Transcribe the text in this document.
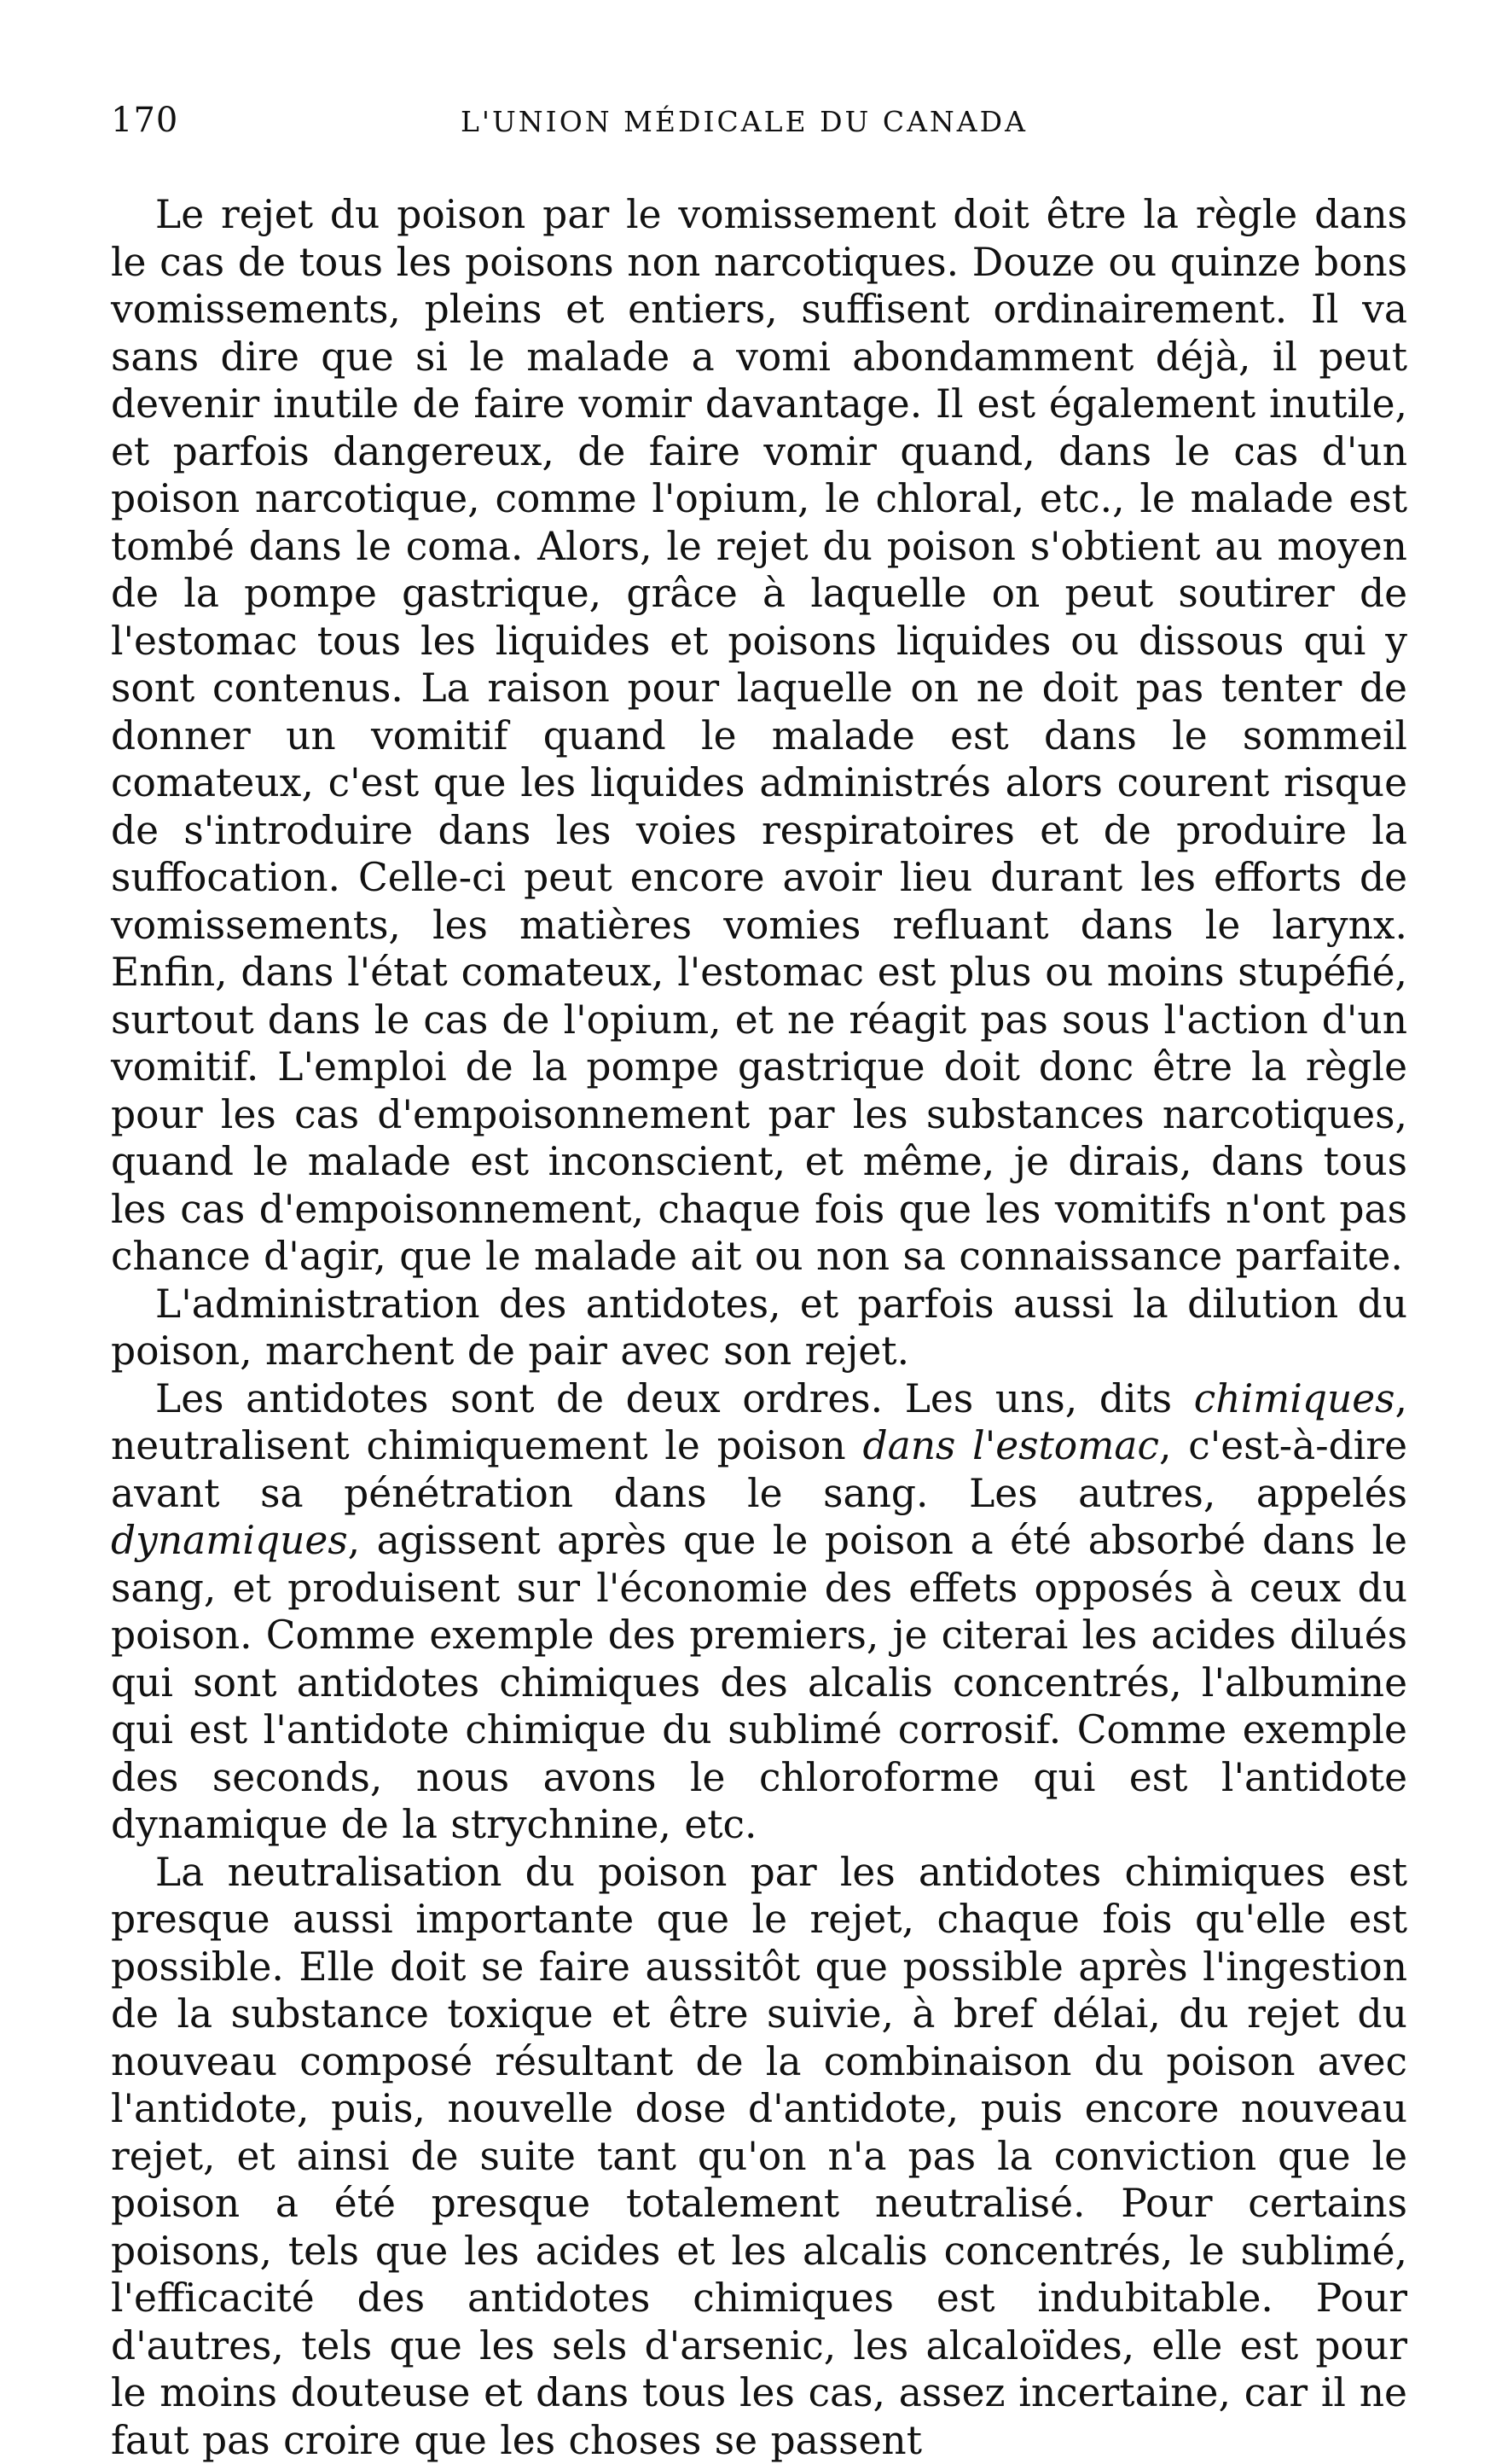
170	L'UNION MÉDICALE DU CANADA

Le rejet du poison par le vomissement doit être la règle dans le cas de tous les poisons non narcotiques. Douze ou quinze bons vomissements, pleins et entiers, suffisent ordinairement. Il va sans dire que si le malade a vomi abondamment déjà, il peut devenir inutile de faire vomir davantage. Il est également inutile, et parfois dangereux, de faire vomir quand, dans le cas d'un poison narcotique, comme l'opium, le chloral, etc., le malade est tombé dans le coma. Alors, le rejet du poison s'obtient au moyen de la pompe gastrique, grâce à laquelle on peut soutirer de l'estomac tous les liquides et poisons liquides ou dissous qui y sont contenus. La raison pour laquelle on ne doit pas tenter de donner un vomitif quand le malade est dans le sommeil comateux, c'est que les liquides administrés alors courent risque de s'introduire dans les voies respiratoires et de produire la suffocation. Celle-ci peut encore avoir lieu durant les efforts de vomissements, les matières vomies refluant dans le larynx. Enfin, dans l'état comateux, l'estomac est plus ou moins stupéfié, surtout dans le cas de l'opium, et ne réagit pas sous l'action d'un vomitif. L'emploi de la pompe gastrique doit donc être la règle pour les cas d'empoisonnement par les substances narcotiques, quand le malade est inconscient, et même, je dirais, dans tous les cas d'empoisonnement, chaque fois que les vomitifs n'ont pas chance d'agir, que le malade ait ou non sa connaissance parfaite.

L'administration des antidotes, et parfois aussi la dilution du poison, marchent de pair avec son rejet.

Les antidotes sont de deux ordres. Les uns, dits chimiques, neutralisent chimiquement le poison dans l'estomac, c'est-à-dire avant sa pénétration dans le sang. Les autres, appelés dynamiques, agissent après que le poison a été absorbé dans le sang, et produisent sur l'économie des effets opposés à ceux du poison. Comme exemple des premiers, je citerai les acides dilués qui sont antidotes chimiques des alcalis concentrés, l'albumine qui est l'antidote chimique du sublimé corrosif. Comme exemple des seconds, nous avons le chloroforme qui est l'antidote dynamique de la strychnine, etc.

La neutralisation du poison par les antidotes chimiques est presque aussi importante que le rejet, chaque fois qu'elle est possible. Elle doit se faire aussitôt que possible après l'ingestion de la substance toxique et être suivie, à bref délai, du rejet du nouveau composé résultant de la combinaison du poison avec l'antidote, puis, nouvelle dose d'antidote, puis encore nouveau rejet, et ainsi de suite tant qu'on n'a pas la conviction que le poison a été presque totalement neutralisé. Pour certains poisons, tels que les acides et les alcalis concentrés, le sublimé, l'efficacité des antidotes chimiques est indubitable. Pour d'autres, tels que les sels d'arsenic, les alcaloïdes, elle est pour le moins douteuse et dans tous les cas, assez incertaine, car il ne faut pas croire que les choses se passent
